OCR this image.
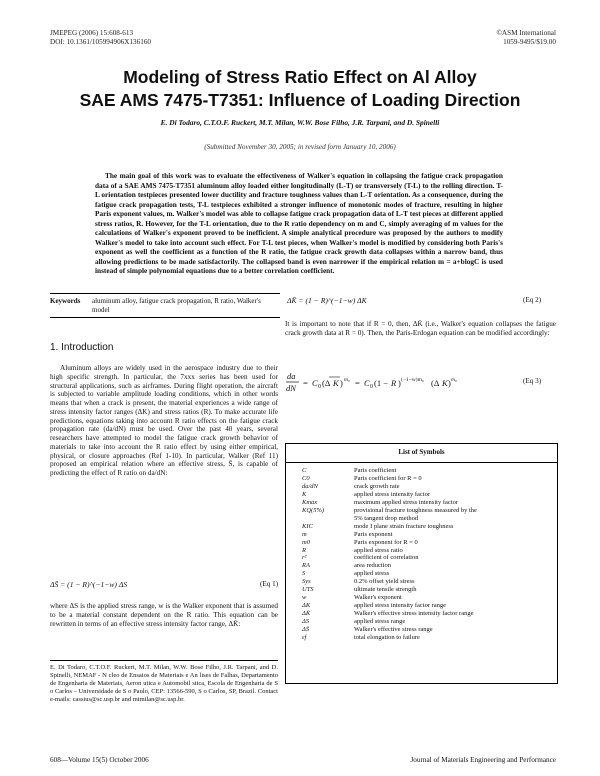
JMEPEG (2006) 15:608-613
DOI: 10.1361/105994906X136160
©ASM International
1059-9495/$19.00
Modeling of Stress Ratio Effect on Al Alloy
SAE AMS 7475-T7351: Influence of Loading Direction
E. Di Todaro, C.T.O.F. Ruckert, M.T. Milan, W.W. Bose Filho, J.R. Tarpani, and D. Spinelli
(Submitted November 30, 2005; in revised form January 10, 2006)

The main goal of this work was to evaluate the effectiveness of Walker's equation in collapsing the fatigue crack propagation data of a SAE AMS 7475-T7351 aluminum alloy loaded either longitudinally (L-T) or transversely (T-L) to the rolling direction. T-L orientation testpieces presented lower ductility and fracture toughness values than L-T orientation. As a consequence, during the fatigue crack propagation tests, T-L testpieces exhibited a stronger influence of monotonic modes of fracture, resulting in higher Paris exponent values, m. Walker's model was able to collapse fatigue crack propagation data of L-T test pieces at different applied stress ratios, R. However, for the T-L orientation, due to the R ratio dependency on m and C, simply averaging of m values for the calculations of Walker's exponent proved to be inefficient. A simple analytical procedure was proposed by the authors to modify Walker's model to take into account such effect. For T-L test pieces, when Walker's model is modified by considering both Paris's exponent as well the coefficient as a function of the R ratio, the fatigue crack growth data collapses within a narrow band, thus allowing predictions to be made satisfactorily. The collapsed band is even narrower if the empirical relation m = a+blogC is used instead of simple polynomial equations due to a better correlation coefficient.

Keywords aluminum alloy, fatigue crack propagation, R ratio, Walker's model
1. Introduction

Aluminum alloys are widely used in the aerospace industry due to their high specific strength. In particular, the 7xxx series has been used for structural applications, such as airframes. During flight operation, the aircraft is subjected to variable amplitude loading conditions, which in other words means that when a crack is present, the material experiences a wide range of stress intensity factor ranges (ΔK) and stress ratios (R). To make accurate life predictions, equations taking into account R ratio effects on the fatigue crack propagation rate (da/dN) must be used. Over the past 40 years, several researchers have attempted to model the fatigue crack growth behavior of materials to take into account the R ratio effect by using either empirical, physical, or closure approaches (Ref 1-10). In particular, Walker (Ref 11) proposed an empirical relation where an effective stress, S̄, is capable of predicting the effect of R ratio on da/dN:

ΔS̄ = (1 − R)^(−1−w) ΔS	(Eq 1)

where ΔS is the applied stress range, w is the Walker exponent that is assumed to be a material constant dependent on the R ratio. This equation can be rewritten in terms of an effective stress intensity factor range, ΔK̄:

E. Di Todaro, C.T.O.F. Ruckert, M.T. Milan, W.W. Bose Filho, J.R. Tarpani, and D. Spinelli, NEMAF - N cleo de Ensaios de Materiais e An lises de Falhas, Departamento de Engenharia de Materiais, Aeron utica e Automobil stica, Escola de Engenharia de S o Carlos – Universidade de S o Paulo, CEP: 13566-590, S o Carlos, SP, Brazil. Contact e-mails: cassius@sc.usp.br and mtmilan@sc.usp.br.
ΔK̄ = (1 − R)^(−1−w) ΔK	(Eq 2)

It is important to note that if R = 0, then, ΔK̄ (i.e., Walker's equation collapses the fatigue crack growth data at R = 0). Then, the Paris-Erdogan equation can be modified accordingly:

da
dN = C 0 (Δ K ) m₀ = C 0 (1 − R ) (−1−w)m₀ (Δ K ) m₀	(Eq 3)
List of Symbols
C	Paris coefficient
C0	Paris coefficient for R = 0
da/dN	crack growth rate
K	applied stress intensity factor
Kmax	maximum applied stress intensity factor
KQ(5%)	provisional fracture toughness measured by the
	5% tangent drop method
KIC	mode I plane strain fracture toughness
m	Paris exponent
m0	Paris exponent for R = 0
R	applied stress ratio
r²	coefficient of correlation
RA	area reduction
S	applied stress
Sys	0.2% offset yield stress
UTS	ultimate tensile strength
w	Walker's exponent
ΔK	applied stress intensity factor range
ΔK̄	Walker's effective stress intensity factor range
ΔS	applied stress range
ΔS̄	Walker's effective stress range
εf	total elongation to failure
608—Volume 15(5) October 2006	Journal of Materials Engineering and Performance
